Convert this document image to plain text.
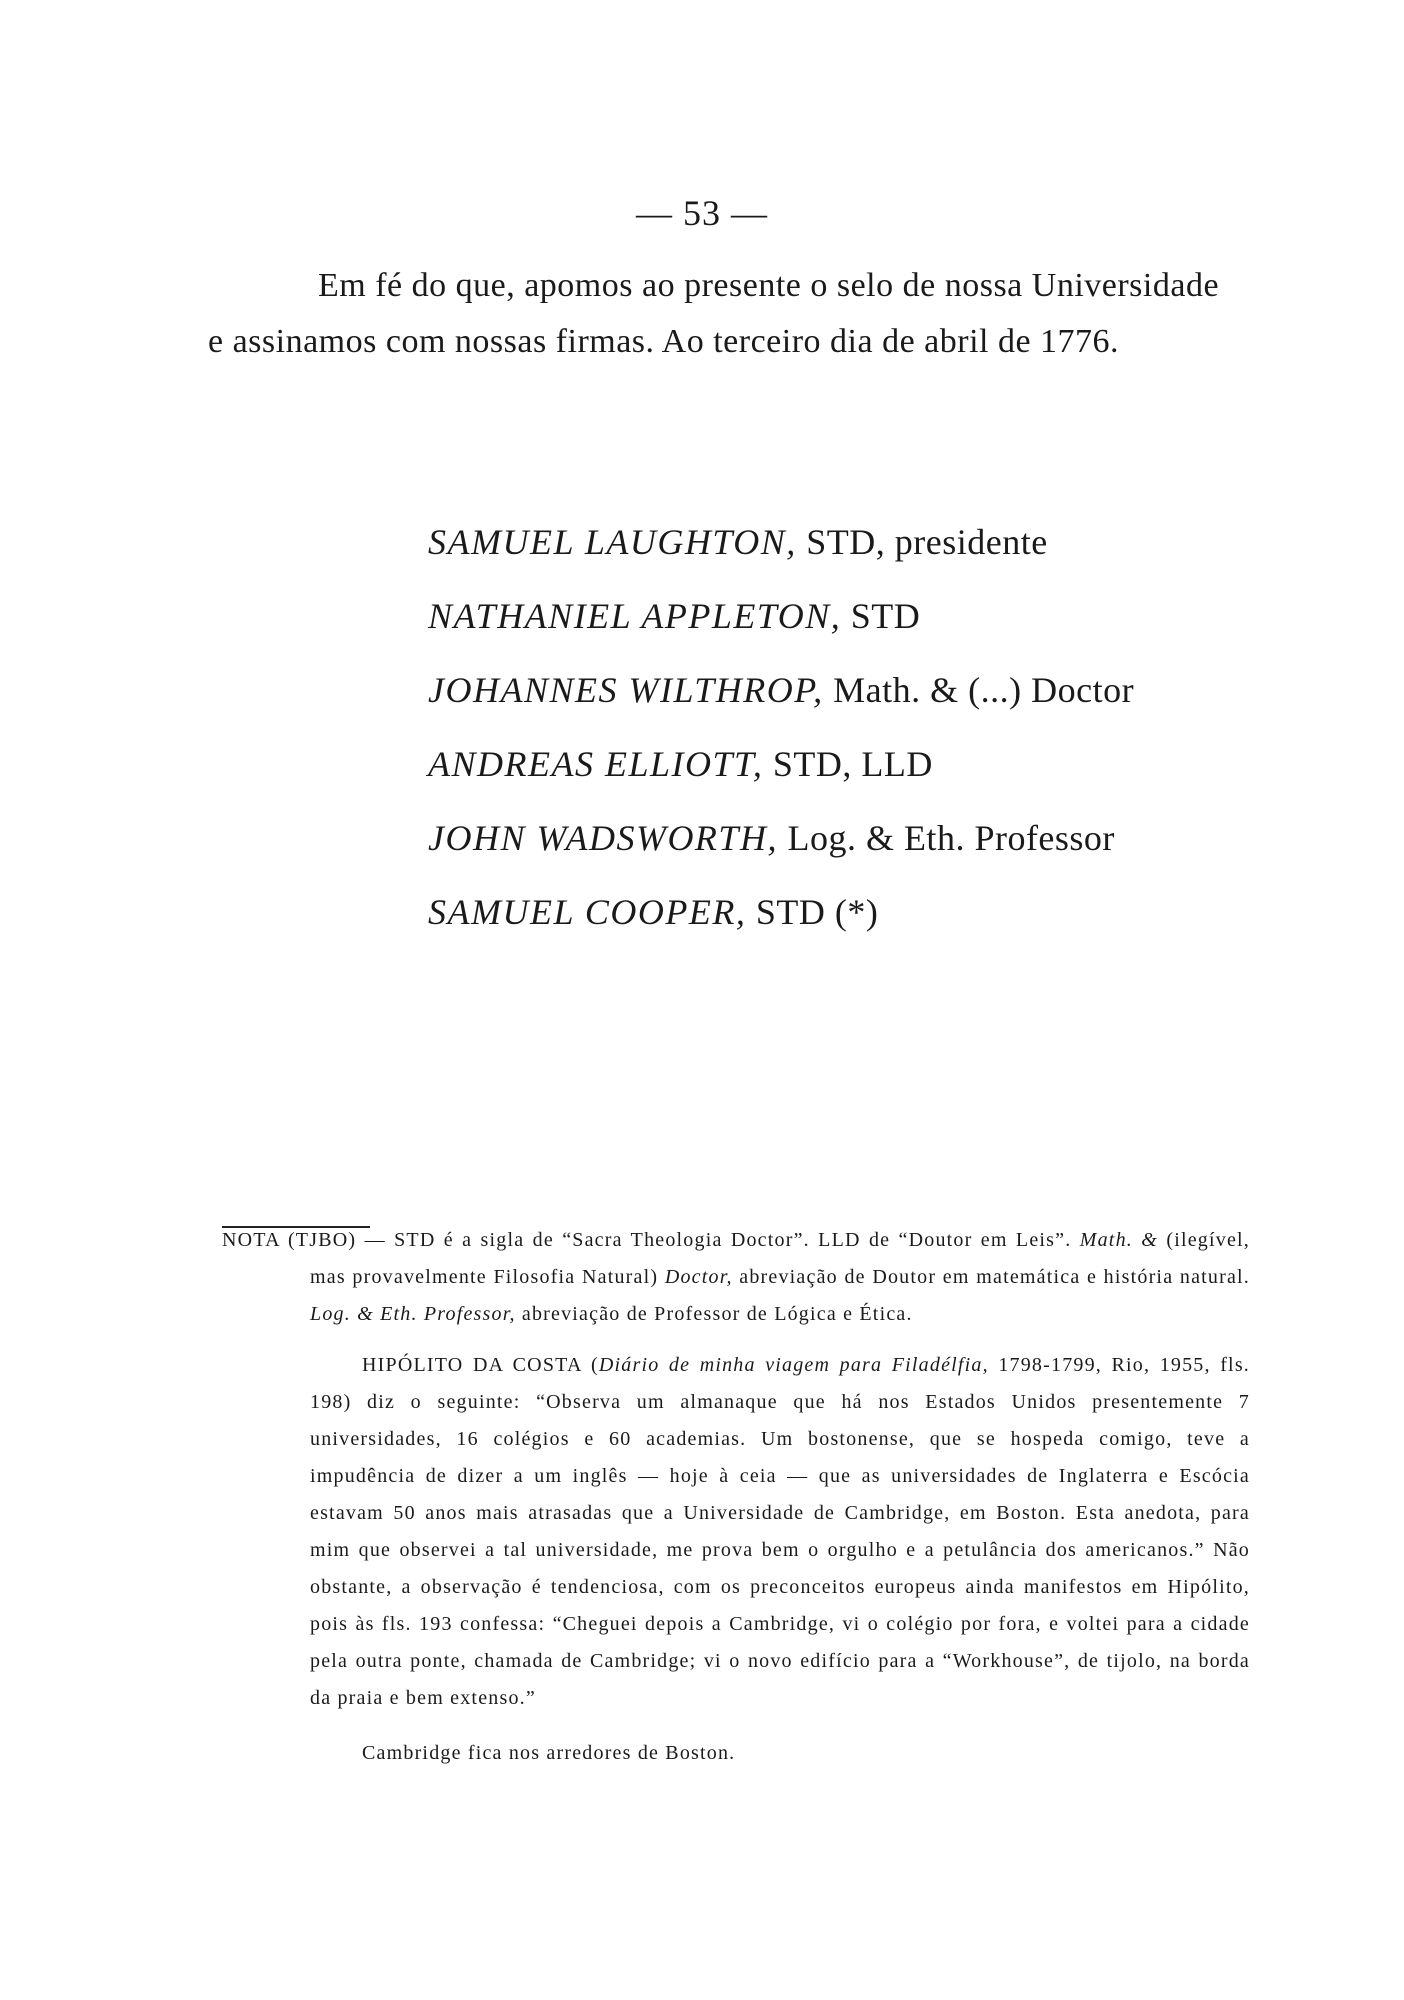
— 53 —
Em fé do que, apomos ao presente o selo de nossa Universidade e assinamos com nossas firmas. Ao terceiro dia de abril de 1776.
SAMUEL LAUGHTON, STD, presidente
NATHANIEL APPLETON, STD
JOHANNES WILTHROP, Math. & (...) Doctor
ANDREAS ELLIOTT, STD, LLD
JOHN WADSWORTH, Log. & Eth. Professor
SAMUEL COOPER, STD (*)

NOTA (TJBO) — STD é a sigla de “Sacra Theologia Doctor”. LLD de “Doutor em Leis”. Math. & (ilegível, mas provavelmente Filosofia Natural) Doctor, abreviação de Doutor em matemática e história natural. Log. & Eth. Professor, abreviação de Professor de Lógica e Ética.

HIPÓLITO DA COSTA (Diário de minha viagem para Filadélfia, 1798-1799, Rio, 1955, fls. 198) diz o seguinte: “Observa um almanaque que há nos Estados Unidos presentemente 7 universidades, 16 colégios e 60 academias. Um bostonense, que se hospeda comigo, teve a impudência de dizer a um inglês — hoje à ceia — que as universidades de Inglaterra e Escócia estavam 50 anos mais atrasadas que a Universidade de Cambridge, em Boston. Esta anedota, para mim que observei a tal universidade, me prova bem o orgulho e a petulância dos americanos.” Não obstante, a observação é tendenciosa, com os preconceitos europeus ainda manifestos em Hipólito, pois às fls. 193 confessa: “Cheguei depois a Cambridge, vi o colégio por fora, e voltei para a cidade pela outra ponte, chamada de Cambridge; vi o novo edifício para a “Workhouse”, de tijolo, na borda da praia e bem extenso.”

Cambridge fica nos arredores de Boston.
